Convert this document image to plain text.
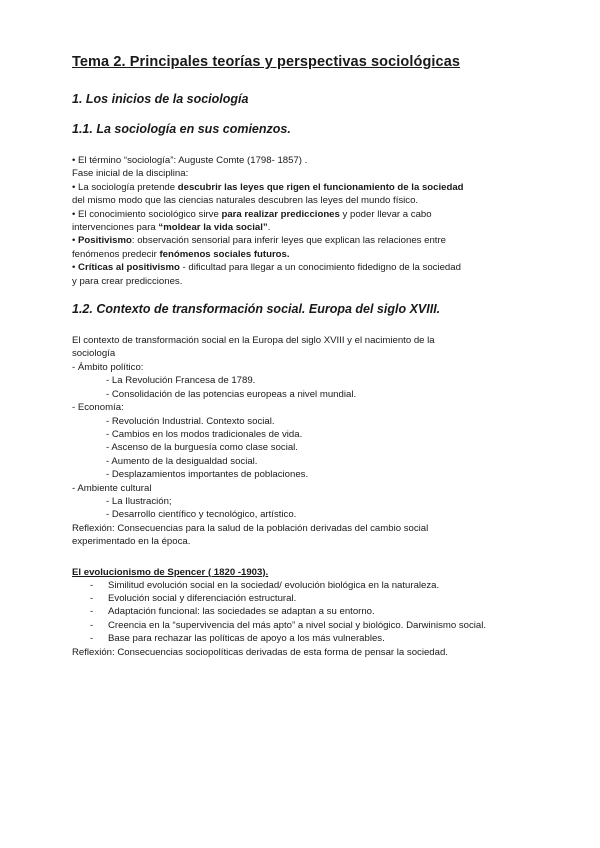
Tema 2. Principales teorías y perspectivas sociológicas
1. Los inicios de la sociología
1.1. La sociología en sus comienzos.

• El término “sociología”: Auguste Comte (1798- 1857) .

Fase inicial de la disciplina:

• La sociología pretende descubrir las leyes que rigen el funcionamiento de la sociedad

del mismo modo que las ciencias naturales descubren las leyes del mundo físico.

• El conocimiento sociológico sirve para realizar predicciones y poder llevar a cabo

intervenciones para “moldear la vida social”.

• Positivismo: observación sensorial para inferir leyes que explican las relaciones entre

fenómenos predecir fenómenos sociales futuros.

• Críticas al positivismo - dificultad para llegar a un conocimiento fidedigno de la sociedad

y para crear predicciones.

1.2. Contexto de transformación social. Europa del siglo XVIII.

El contexto de transformación social en la Europa del siglo XVIII y el nacimiento de la

sociología

- Ámbito político:

- La Revolución Francesa de 1789.

- Consolidación de las potencias europeas a nivel mundial.

- Economía:

- Revolución Industrial. Contexto social.

- Cambios en los modos tradicionales de vida.

- Ascenso de la burguesía como clase social.

- Aumento de la desigualdad social.

- Desplazamientos importantes de poblaciones.

- Ambiente cultural

- La Ilustración;

- Desarrollo científico y tecnológico, artístico.

Reflexión: Consecuencias para la salud de la población derivadas del cambio social

experimentado en la época.

El evolucionismo de Spencer ( 1820 -1903).
- Similitud evolución social en la sociedad/ evolución biológica en la naturaleza.
- Evolución social y diferenciación estructural.
- Adaptación funcional: las sociedades se adaptan a su entorno.
- Creencia en la “supervivencia del más apto” a nivel social y biológico. Darwinismo social.
- Base para rechazar las políticas de apoyo a los más vulnerables.

Reflexión: Consecuencias sociopolíticas derivadas de esta forma de pensar la sociedad.
